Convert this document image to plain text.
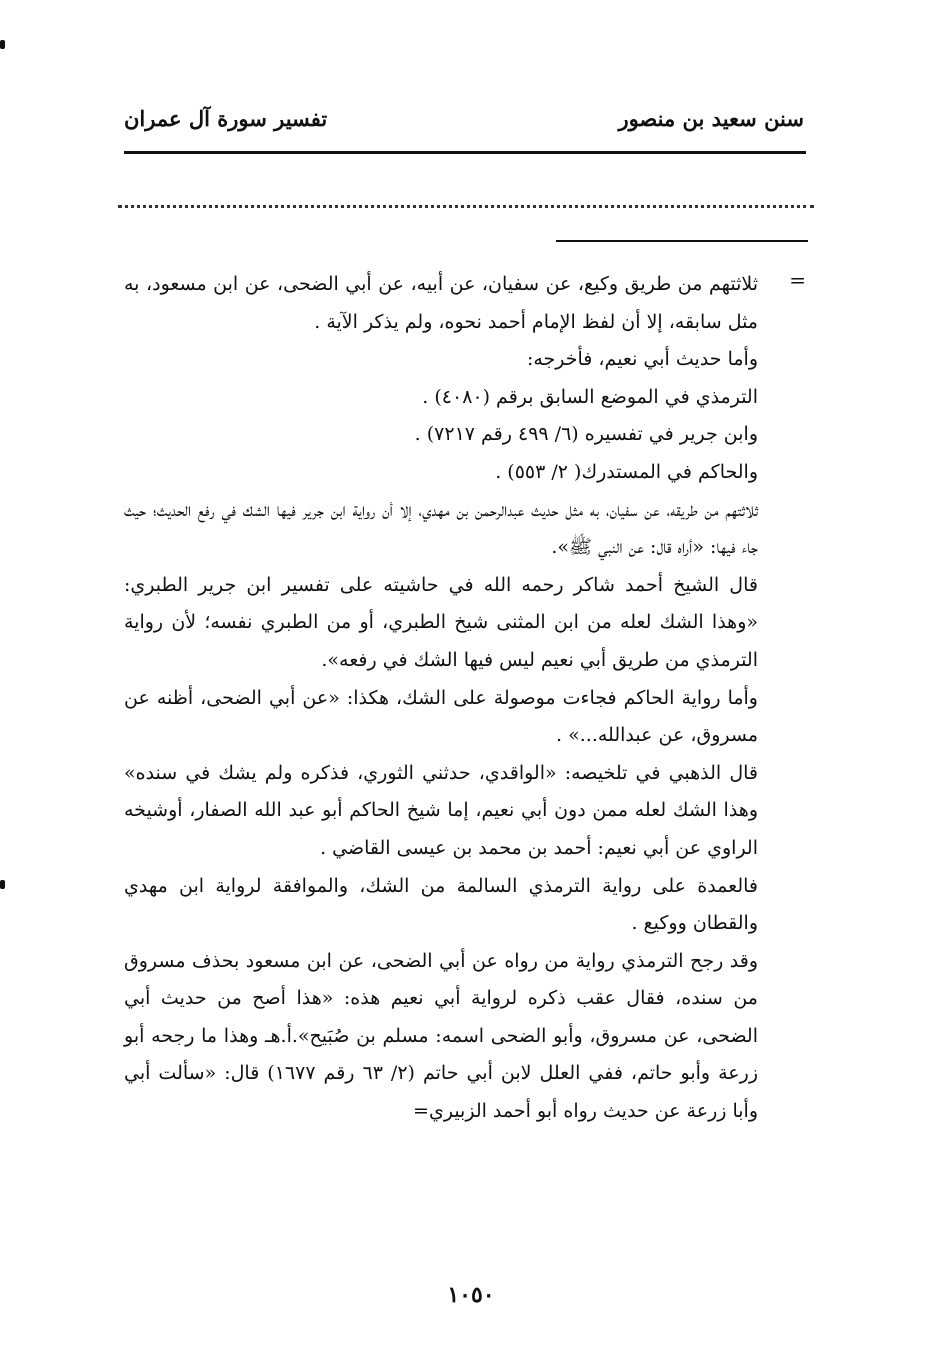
سنن سعيد بن منصور
تفسير سورة آل عمران
=

ثلاثتهم من طريق وكيع، عن سفيان، عن أبيه، عن أبي الضحى، عن ابن مسعود، به مثل سابقه، إلا أن لفظ الإمام أحمد نحوه، ولم يذكر الآية .

وأما حديث أبي نعيم، فأخرجه:

الترمذي في الموضع السابق برقم (٤٠٨٠) .

وابن جرير في تفسيره (٦/ ٤٩٩ رقم ٧٢١٧) .

والحاكم في المستدرك( ٢/ ٥٥٣) .

ثلاثتهم من طريقه، عن سفيان، به مثل حديث عبدالرحمن بن مهدي، إلا أن رواية ابن جرير فيها الشك في رفع الحديث؛ حيث جاء فيها: «أراه قال: عن النبي ﷺ».

قال الشيخ أحمد شاكر رحمه الله في حاشيته على تفسير ابن جرير الطبري: «وهذا الشك لعله من ابن المثنى شيخ الطبري، أو من الطبري نفسه؛ لأن رواية الترمذي من طريق أبي نعيم ليس فيها الشك في رفعه».

وأما رواية الحاكم فجاءت موصولة على الشك، هكذا: «عن أبي الضحى، أظنه عن مسروق، عن عبدالله...» .

قال الذهبي في تلخيصه: «الواقدي، حدثني الثوري، فذكره ولم يشك في سنده» وهذا الشك لعله ممن دون أبي نعيم، إما شيخ الحاكم أبو عبد الله الصفار، أوشيخه الراوي عن أبي نعيم: أحمد بن محمد بن عيسى القاضي .

فالعمدة على رواية الترمذي السالمة من الشك، والموافقة لرواية ابن مهدي والقطان ووكيع .

وقد رجح الترمذي رواية من رواه عن أبي الضحى، عن ابن مسعود بحذف مسروق من سنده، فقال عقب ذكره لرواية أبي نعيم هذه: «هذا أصح من حديث أبي الضحى، عن مسروق، وأبو الضحى اسمه: مسلم بن صُبَيح».أ.هـ وهذا ما رجحه أبو زرعة وأبو حاتم، ففي العلل لابن أبي حاتم (٢/ ٦٣ رقم ١٦٧٧) قال: «سألت أبي وأبا زرعة عن حديث رواه أبو أحمد الزبيري=

١٠٥٠
